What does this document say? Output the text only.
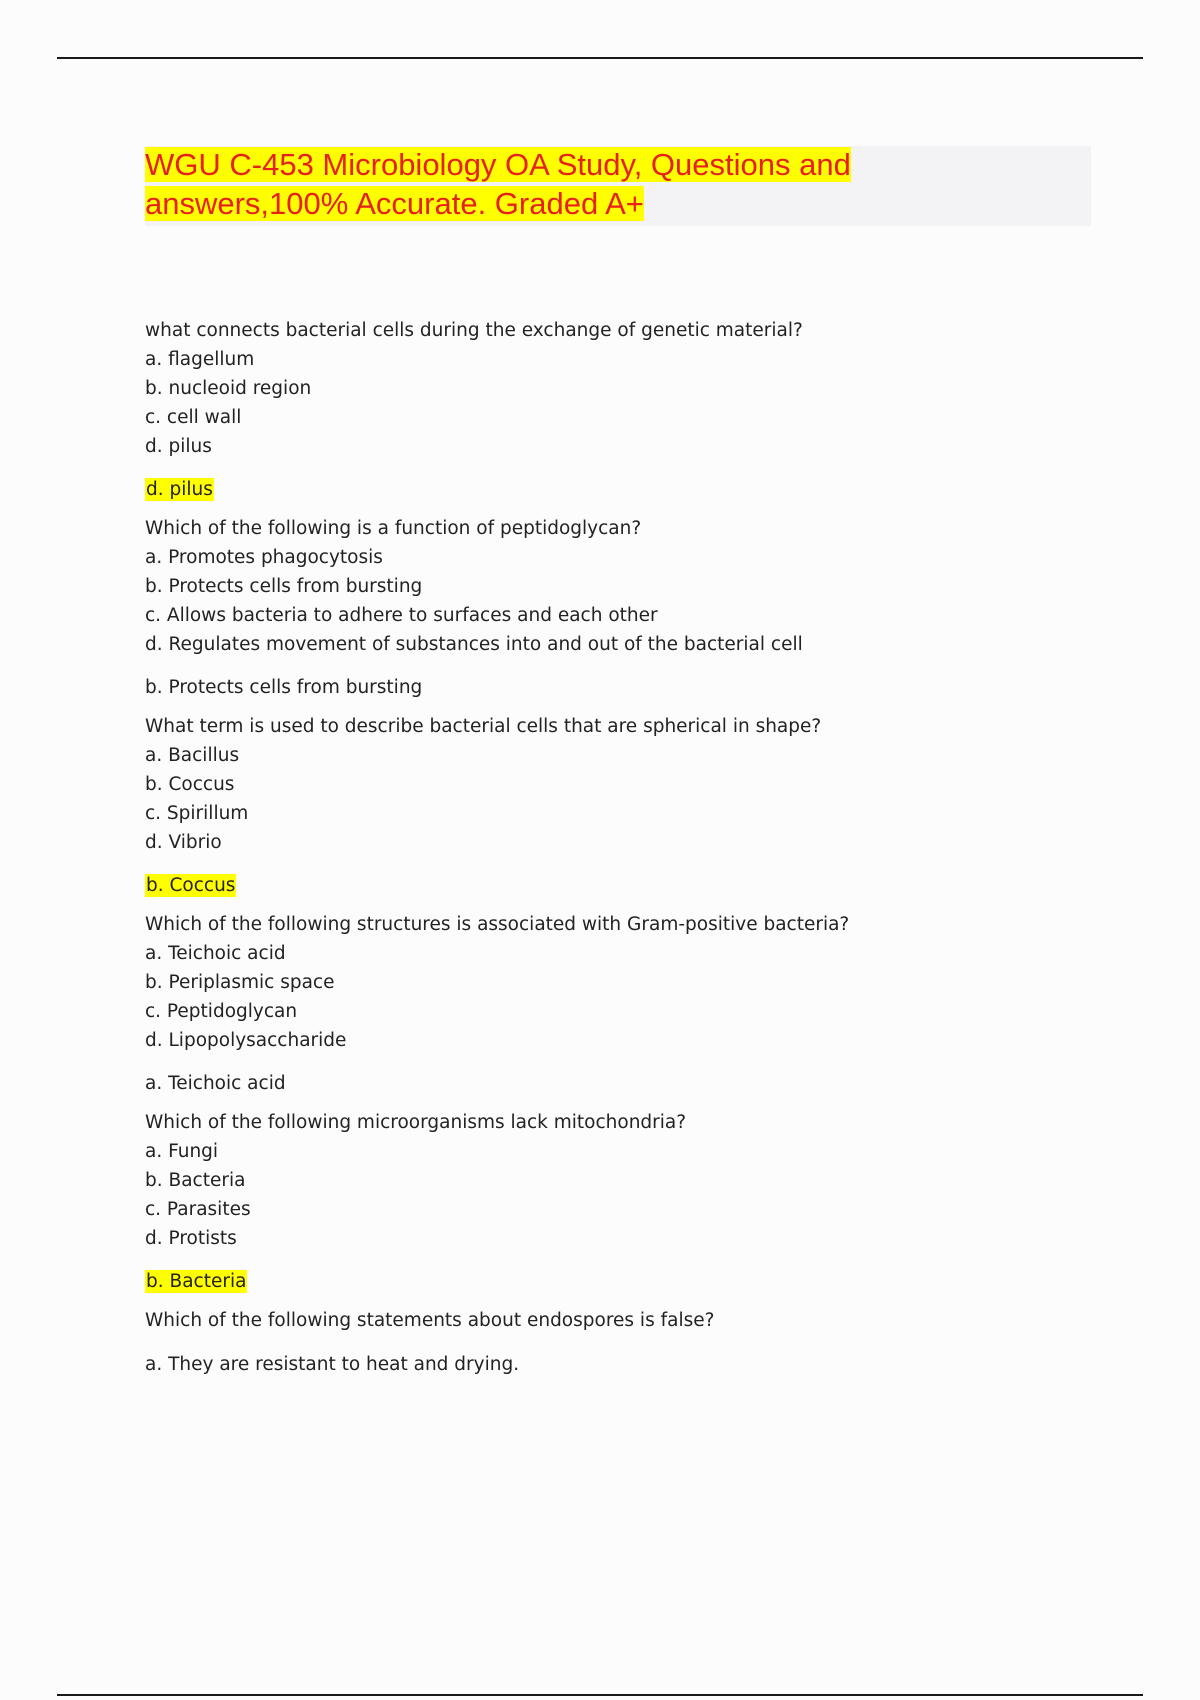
WGU C-453 Microbiology OA Study, Questions and answers,100% Accurate. Graded A+
what connects bacterial cells during the exchange of genetic material?
a. flagellum
b. nucleoid region
c. cell wall
d. pilus
d. pilus
Which of the following is a function of peptidoglycan?
a. Promotes phagocytosis
b. Protects cells from bursting
c. Allows bacteria to adhere to surfaces and each other
d. Regulates movement of substances into and out of the bacterial cell
b. Protects cells from bursting
What term is used to describe bacterial cells that are spherical in shape?
a. Bacillus
b. Coccus
c. Spirillum
d. Vibrio
b. Coccus
Which of the following structures is associated with Gram-positive bacteria?
a. Teichoic acid
b. Periplasmic space
c. Peptidoglycan
d. Lipopolysaccharide
a. Teichoic acid
Which of the following microorganisms lack mitochondria?
a. Fungi
b. Bacteria
c. Parasites
d. Protists
b. Bacteria
Which of the following statements about endospores is false?
a. They are resistant to heat and drying.
